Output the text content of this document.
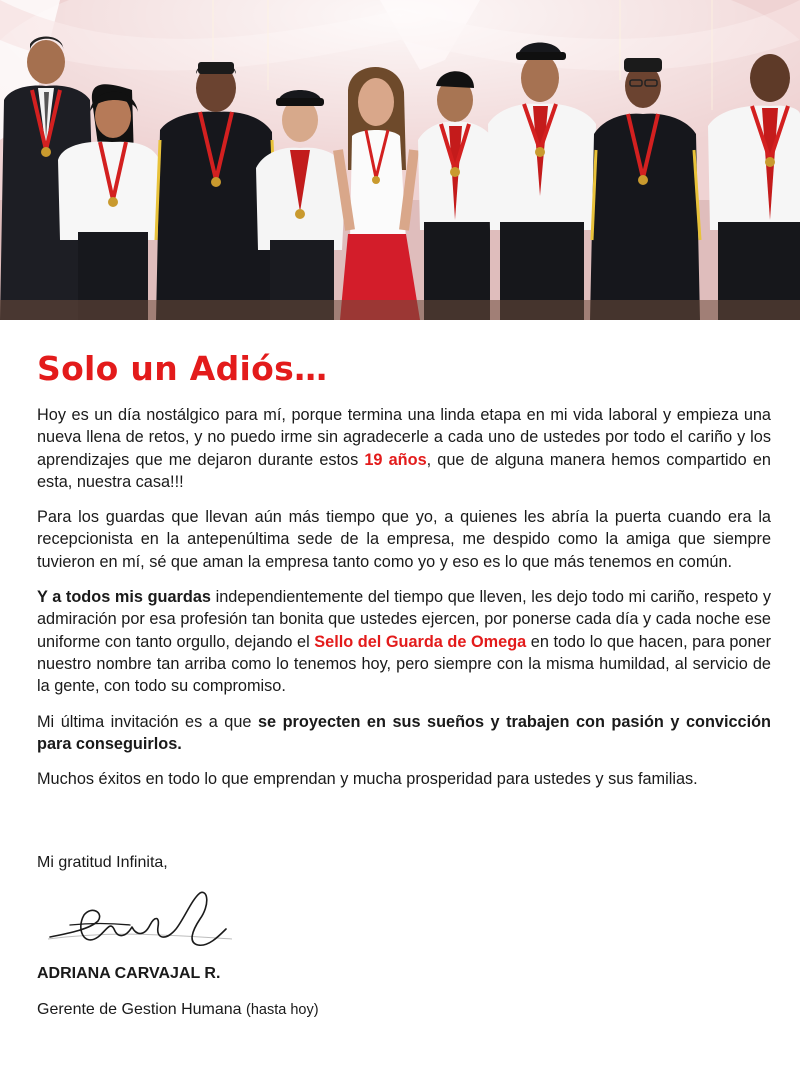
Solo un Adiós…

Hoy es un día nostálgico para mí, porque termina una linda etapa en mi vida laboral y empieza una nueva llena de retos, y no puedo irme sin agradecerle a cada uno de ustedes por todo el cariño y los aprendizajes que me dejaron durante estos 19 años, que de alguna manera hemos compartido en esta, nuestra casa!!!

Para los guardas que llevan aún más tiempo que yo, a quienes les abría la puerta cuando era la recepcionista en la antepenúltima sede de la empresa, me despido como la amiga que siempre tuvieron en mí, sé que aman la empresa tanto como yo y eso es lo que más tenemos en común.

Y a todos mis guardas independientemente del tiempo que lleven, les dejo todo mi cariño, respeto y admiración por esa profesión tan bonita que ustedes ejercen, por ponerse cada día y cada noche ese uniforme con tanto orgullo, dejando el Sello del Guarda de Omega en todo lo que hacen, para poner nuestro nombre tan arriba como lo tenemos hoy, pero siempre con la misma humildad, al servicio de la gente, con todo su compromiso.

Mi última invitación es a que se proyecten en sus sueños y trabajen con pasión y convicción para conseguirlos.

Muchos éxitos en todo lo que emprendan y mucha prosperidad para ustedes y sus familias.

Mi gratitud Infinita,

ADRIANA CARVAJAL R.

Gerente de Gestion Humana (hasta hoy)
